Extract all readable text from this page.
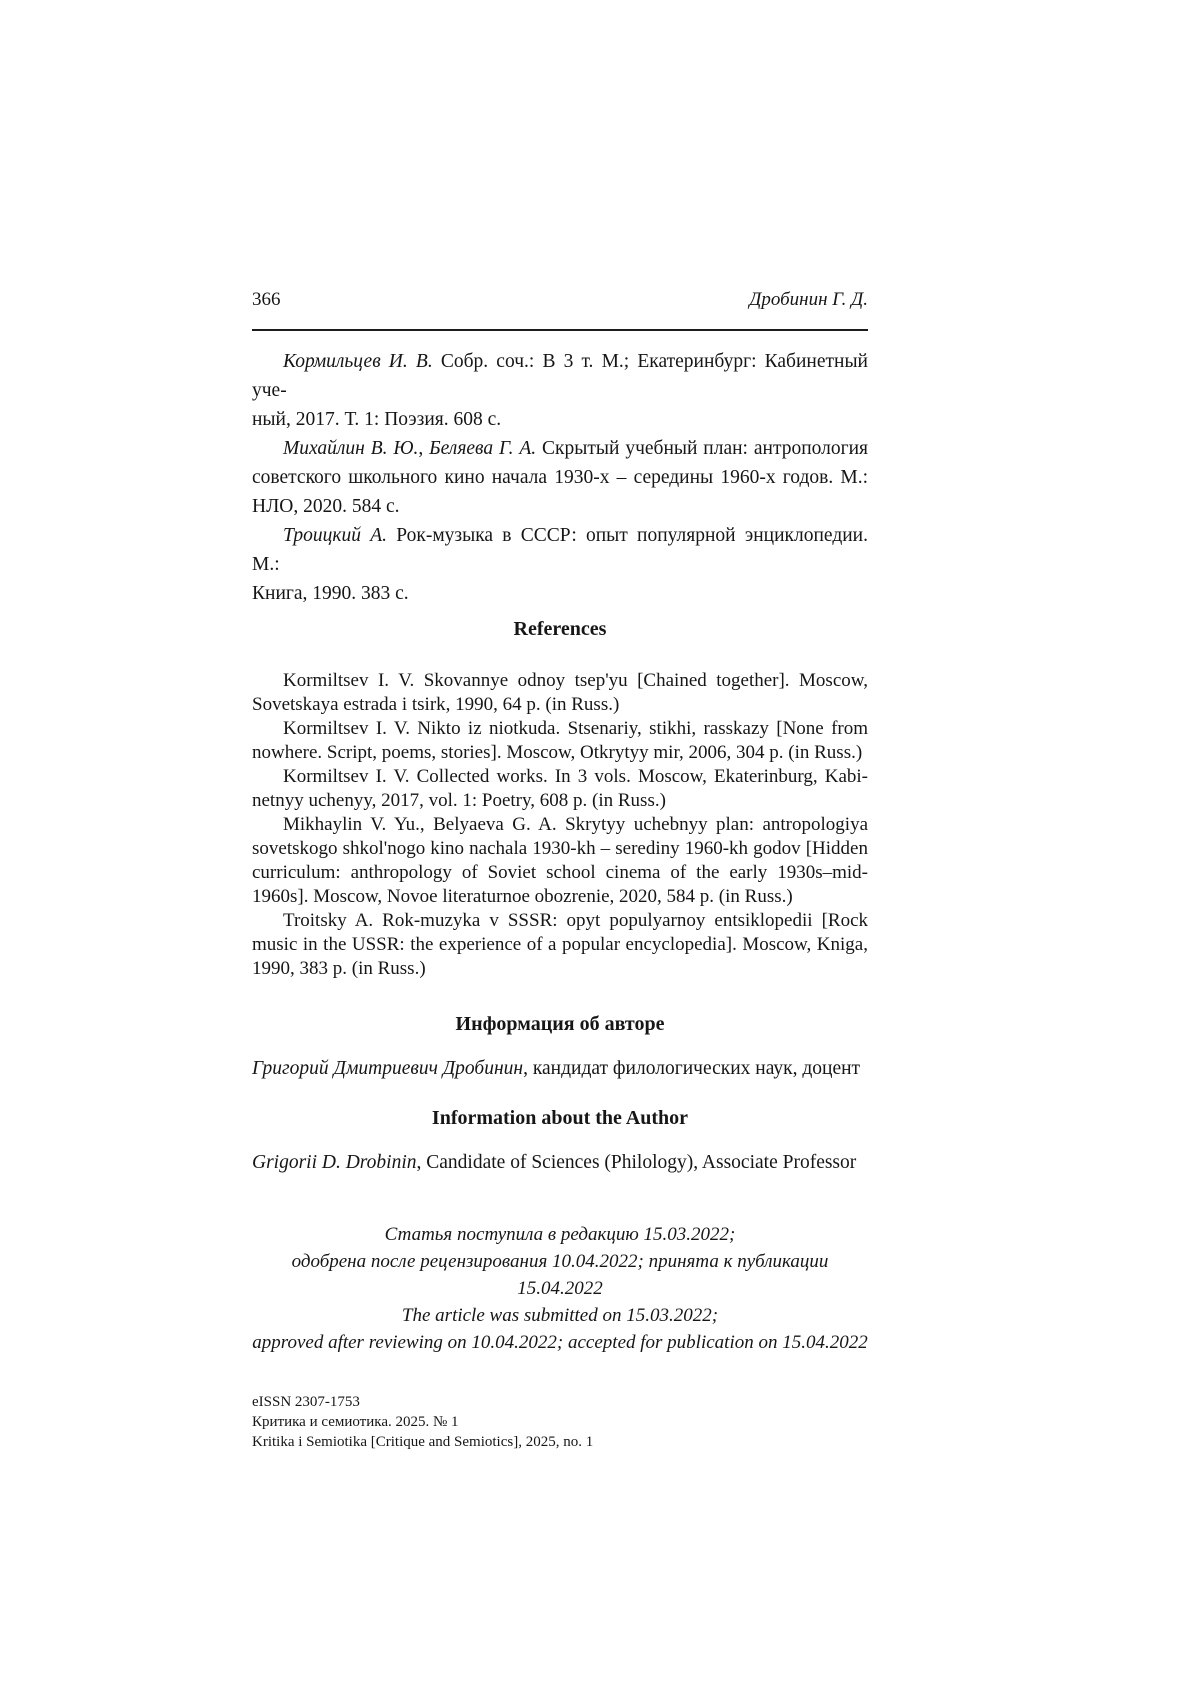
366	Дробинин Г. Д.
Кормильцев И. В. Собр. соч.: В 3 т. М.; Екатеринбург: Кабинетный уче-
ный, 2017. Т. 1: Поэзия. 608 с.
Михайлин В. Ю., Беляева Г. А. Скрытый учебный план: антропология
советского школьного кино начала 1930-х – середины 1960-х годов. М.:
НЛО, 2020. 584 с.
Троицкий А. Рок-музыка в СССР: опыт популярной энциклопедии. М.:
Книга, 1990. 383 с.
References
Kormiltsev I. V. Skovannye odnoy tsep'yu [Chained together]. Moscow,
Sovetskaya estrada i tsirk, 1990, 64 p. (in Russ.)
Kormiltsev I. V. Nikto iz niotkuda. Stsenariy, stikhi, rasskazy [None from
nowhere. Script, poems, stories]. Moscow, Otkrytyy mir, 2006, 304 p. (in Russ.)
Kormiltsev I. V. Collected works. In 3 vols. Moscow, Ekaterinburg, Kabi-
netnyy uchenyy, 2017, vol. 1: Poetry, 608 p. (in Russ.)
Mikhaylin V. Yu., Belyaeva G. A. Skrytyy uchebnyy plan: antropologiya
sovetskogo shkol'nogo kino nachala 1930-kh – serediny 1960-kh godov [Hidden
curriculum: anthropology of Soviet school cinema of the early 1930s–mid-
1960s]. Moscow, Novoe literaturnoe obozrenie, 2020, 584 p. (in Russ.)
Troitsky A. Rok-muzyka v SSSR: opyt populyarnoy entsiklopedii [Rock
music in the USSR: the experience of a popular encyclopedia]. Moscow, Kniga,
1990, 383 p. (in Russ.)
Информация об авторе
Григорий Дмитриевич Дробинин, кандидат филологических наук, доцент
Information about the Author
Grigorii D. Drobinin, Candidate of Sciences (Philology), Associate Professor
Статья поступила в редакцию 15.03.2022;
одобрена после рецензирования 10.04.2022; принята к публикации 15.04.2022
The article was submitted on 15.03.2022;
approved after reviewing on 10.04.2022; accepted for publication on 15.04.2022
eISSN 2307-1753
Критика и семиотика. 2025. № 1
Kritika i Semiotika [Critique and Semiotics], 2025, no. 1
